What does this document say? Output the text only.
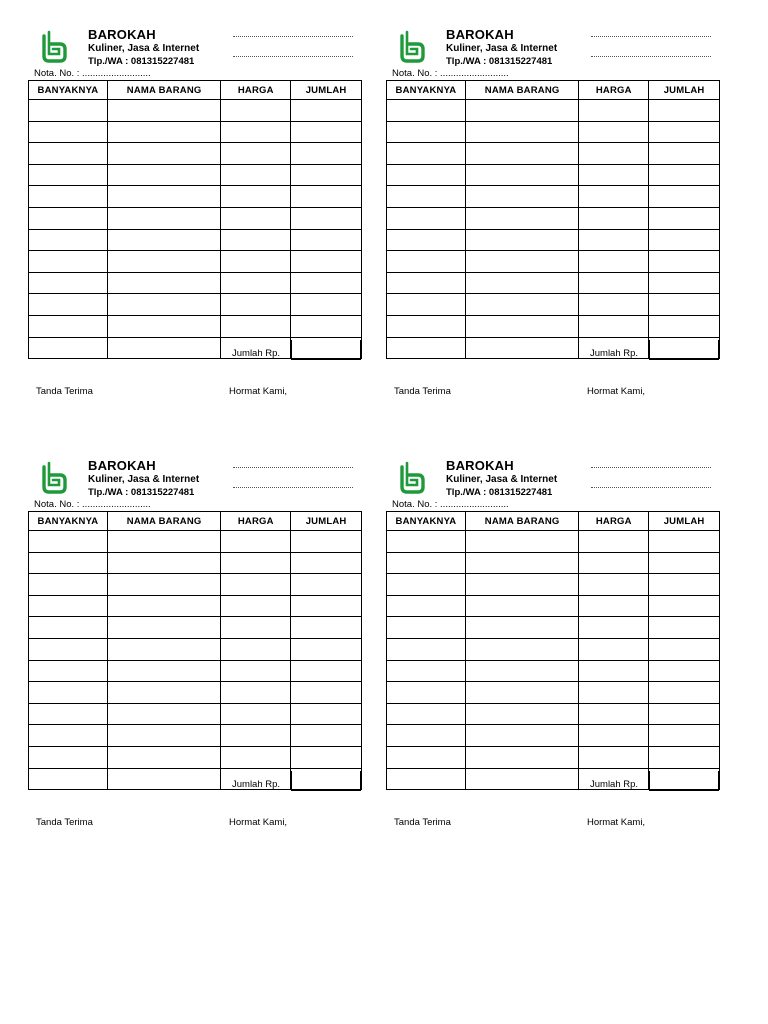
BAROKAH
Kuliner, Jasa & Internet
Tlp./WA : 081315227481
Nota. No. : ..........................
BANYAKNYA	NAMA BARANG	HARGA	JUMLAH

Jumlah Rp.
Tanda Terima	Hormat Kami,
BAROKAH
Kuliner, Jasa & Internet
Tlp./WA : 081315227481
Nota. No. : ..........................
BANYAKNYA	NAMA BARANG	HARGA	JUMLAH

Jumlah Rp.
Tanda Terima	Hormat Kami,
BAROKAH
Kuliner, Jasa & Internet
Tlp./WA : 081315227481
Nota. No. : ..........................
BANYAKNYA	NAMA BARANG	HARGA	JUMLAH

Jumlah Rp.
Tanda Terima	Hormat Kami,
BAROKAH
Kuliner, Jasa & Internet
Tlp./WA : 081315227481
Nota. No. : ..........................
BANYAKNYA	NAMA BARANG	HARGA	JUMLAH

Jumlah Rp.
Tanda Terima	Hormat Kami,
